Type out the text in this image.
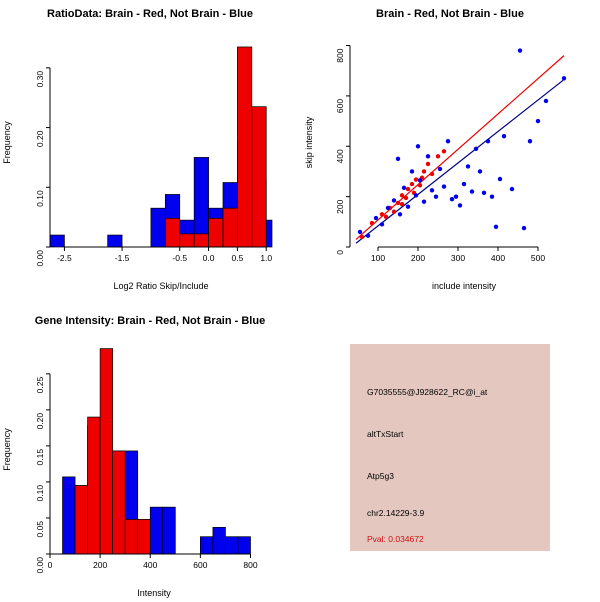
RatioData: Brain - Red, Not Brain - Blue
-2.5	-1.5	-0.5 0.0 0.5 1.0
0.00
0.10
0.20
0.30
Log2 Ratio Skip/Include
Frequency
Brain - Red, Not Brain - Blue
100	200	300	400	500
0
200
400
600
800
include intensity
skip intensity
Gene Intensity: Brain - Red, Not Brain - Blue
0	200	400	600	800
0.00
0.05
0.10
0.15
0.20
0.25
Intensity
Frequency
G7035555@J928622_RC@i_at
altTxStart
Atp5g3
chr2.14229-3.9
Pval: 0.034672
